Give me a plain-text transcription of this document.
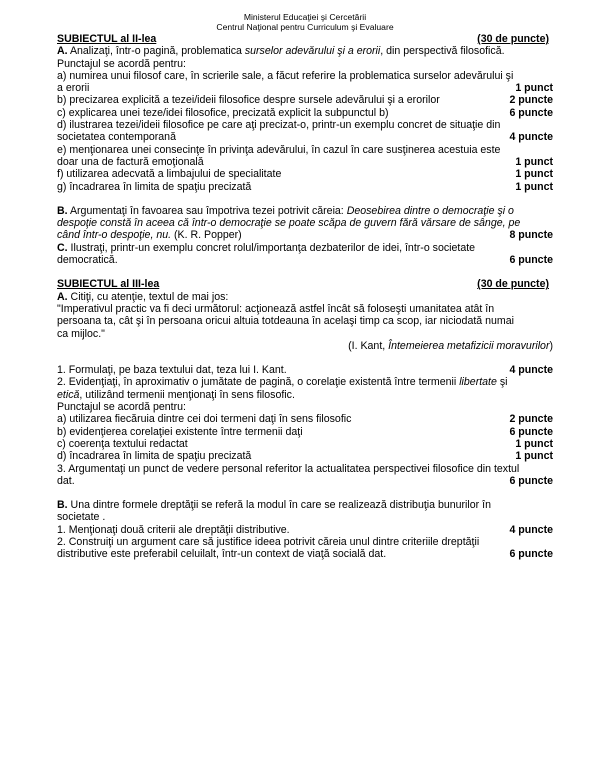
Ministerul Educaţiei şi Cercetării
Centrul Naţional pentru Curriculum şi Evaluare
SUBIECTUL al II-lea	(30 de puncte)
A. Analizaţi, într-o pagină, problematica surselor adevărului şi a erorii, din perspectivă filosofică.
Punctajul se acordă pentru:
a) numirea unui filosof care, în scrierile sale, a făcut referire la problematica surselor adevărului şi
a erorii	1 punct
b) precizarea explicită a tezei/ideii filosofice despre sursele adevărului şi a erorilor	2 puncte
c) explicarea unei teze/idei filosofice, precizată explicit la subpunctul b)	6 puncte
d) ilustrarea tezei/ideii filosofice pe care aţi precizat-o, printr-un exemplu concret de situaţie din
societatea contemporană	4 puncte
e) menţionarea unei consecinţe în privinţa adevărului, în cazul în care susţinerea acestuia este
doar una de factură emoţională	1 punct
f) utilizarea adecvată a limbajului de specialitate	1 punct
g) încadrarea în limita de spaţiu precizată	1 punct
B. Argumentaţi în favoarea sau împotriva tezei potrivit căreia: Deosebirea dintre o democraţie şi o
despoţie constă în aceea că într-o democraţie se poate scăpa de guvern fără vărsare de sânge, pe
când într-o despoţie, nu. (K. R. Popper)	8 puncte
C. Ilustraţi, printr-un exemplu concret rolul/importanţa dezbaterilor de idei, într-o societate
democratică.	6 puncte
SUBIECTUL al III-lea	(30 de puncte)
A. Citiţi, cu atenţie, textul de mai jos:
"Imperativul practic va fi deci următorul: acţionează astfel încât să foloseşti umanitatea atât în
persoana ta, cât şi în persoana oricui altuia totdeauna în acelaşi timp ca scop, iar niciodată numai
ca mijloc."
(I. Kant, Întemeierea metafizicii moravurilor)
1. Formulaţi, pe baza textului dat, teza lui I. Kant.	4 puncte
2. Evidenţiaţi, în aproximativ o jumătate de pagină, o corelaţie existentă între termenii libertate şi
etică, utilizând termenii menţionaţi în sens filosofic.
Punctajul se acordă pentru:
a) utilizarea fiecăruia dintre cei doi termeni daţi în sens filosofic	2 puncte
b) evidenţierea corelaţiei existente între termenii daţi	6 puncte
c) coerenţa textului redactat	1 punct
d) încadrarea în limita de spaţiu precizată	1 punct
3. Argumentaţi un punct de vedere personal referitor la actualitatea perspectivei filosofice din textul
dat.	6 puncte
B. Una dintre formele dreptăţii se referă la modul în care se realizează distribuţia bunurilor în
societate .
1. Menţionaţi două criterii ale dreptăţii distributive.	4 puncte
2. Construiţi un argument care să justifice ideea potrivit căreia unul dintre criteriile dreptăţii
distributive este preferabil celuilalt, într-un context de viaţă socială dat.	6 puncte
